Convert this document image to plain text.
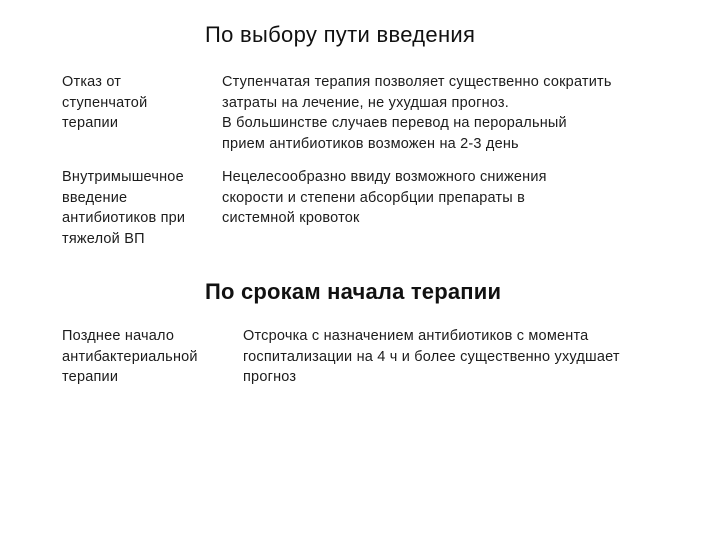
По выбору пути введения
Отказ от
ступенчатой
терапии
Ступенчатая терапия позволяет существенно сократить
затраты на лечение, не ухудшая прогноз.
В большинстве случаев перевод на пероральный
прием антибиотиков возможен на 2-3 день
Внутримышечное
введение
антибиотиков при
тяжелой ВП
Нецелесообразно ввиду возможного снижения
скорости и степени абсорбции препараты в
системной кровоток
По срокам начала терапии
Позднее начало
антибактериальной
терапии
Отсрочка с назначением антибиотиков с момента
госпитализации на 4 ч и более существенно ухудшает
прогноз
